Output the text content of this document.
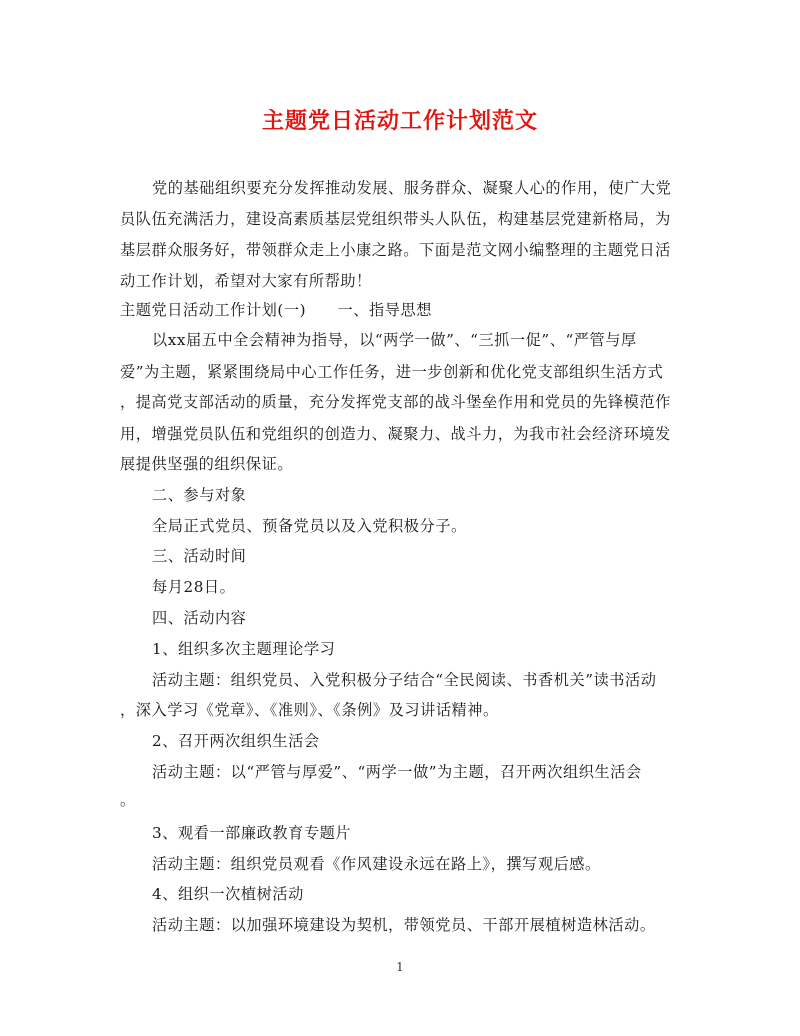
主题党日活动工作计划范文
党的基础组织要充分发挥推动发展、服务群众、凝聚人心的作用，使广大党
员队伍充满活力，建设高素质基层党组织带头人队伍，构建基层党建新格局，为
基层群众服务好，带领群众走上小康之路。下面是范文网小编整理的主题党日活
动工作计划，希望对大家有所帮助！
主题党日活动工作计划(一)　　一、指导思想
以xx届五中全会精神为指导，以“两学一做”、“三抓一促”、“严管与厚
爱”为主题，紧紧围绕局中心工作任务，进一步创新和优化党支部组织生活方式
，提高党支部活动的质量，充分发挥党支部的战斗堡垒作用和党员的先锋模范作
用，增强党员队伍和党组织的创造力、凝聚力、战斗力，为我市社会经济环境发
展提供坚强的组织保证。
二、参与对象
全局正式党员、预备党员以及入党积极分子。
三、活动时间
每月28日。
四、活动内容
1、组织多次主题理论学习
活动主题：组织党员、入党积极分子结合“全民阅读、书香机关”读书活动
，深入学习《党章》、《准则》、《条例》及习讲话精神。
2、召开两次组织生活会
活动主题：以“严管与厚爱”、“两学一做”为主题，召开两次组织生活会
。
3、观看一部廉政教育专题片
活动主题：组织党员观看《作风建设永远在路上》，撰写观后感。
4、组织一次植树活动
活动主题：以加强环境建设为契机，带领党员、干部开展植树造林活动。
1
